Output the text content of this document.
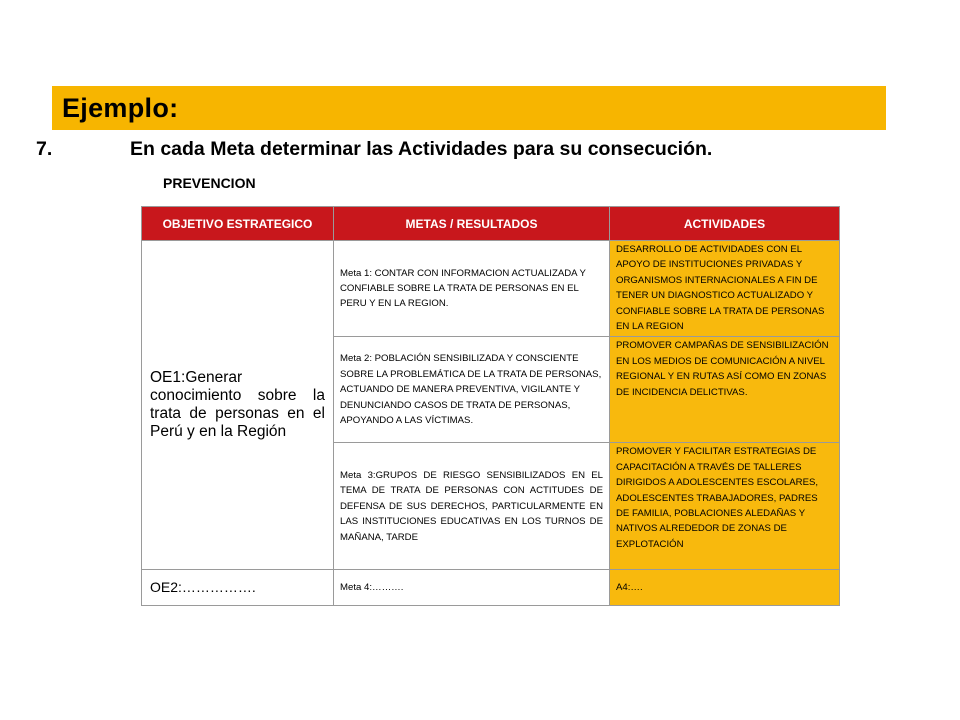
Ejemplo:
7.	En cada Meta determinar las Actividades para su consecución.
PREVENCION
OBJETIVO ESTRATEGICO	METAS / RESULTADOS	ACTIVIDADES
OE1:Generar conocimiento sobre la trata de personas en el Perú y en la Región	Meta 1: CONTAR CON INFORMACION ACTUALIZADA Y CONFIABLE SOBRE LA TRATA DE PERSONAS EN EL PERU Y EN LA REGION.	DESARROLLO DE ACTIVIDADES CON EL APOYO DE INSTITUCIONES PRIVADAS Y ORGANISMOS INTERNACIONALES A FIN DE TENER UN DIAGNOSTICO ACTUALIZADO Y CONFIABLE SOBRE LA TRATA DE PERSONAS EN LA REGION
	Meta 2: POBLACIÓN SENSIBILIZADA Y CONSCIENTE SOBRE LA PROBLEMÁTICA DE LA TRATA DE PERSONAS, ACTUANDO DE MANERA PREVENTIVA, VIGILANTE Y DENUNCIANDO CASOS DE TRATA DE PERSONAS, APOYANDO A LAS VÍCTIMAS.	PROMOVER CAMPAÑAS DE SENSIBILIZACIÓN EN LOS MEDIOS DE COMUNICACIÓN A NIVEL REGIONAL Y EN RUTAS ASÍ COMO EN ZONAS DE INCIDENCIA DELICTIVAS.
	Meta 3:GRUPOS DE RIESGO SENSIBILIZADOS EN EL TEMA DE TRATA DE PERSONAS CON ACTITUDES DE DEFENSA DE SUS DERECHOS, PARTICULARMENTE EN LAS INSTITUCIONES EDUCATIVAS EN LOS TURNOS DE MAÑANA, TARDE	PROMOVER Y FACILITAR ESTRATEGIAS DE CAPACITACIÓN A TRAVÉS DE TALLERES DIRIGIDOS A ADOLESCENTES ESCOLARES, ADOLESCENTES TRABAJADORES, PADRES DE FAMILIA, POBLACIONES ALEDAÑAS Y NATIVOS ALREDEDOR DE ZONAS DE EXPLOTACIÓN
OE2:…………….	Meta 4:……….	A4:….
